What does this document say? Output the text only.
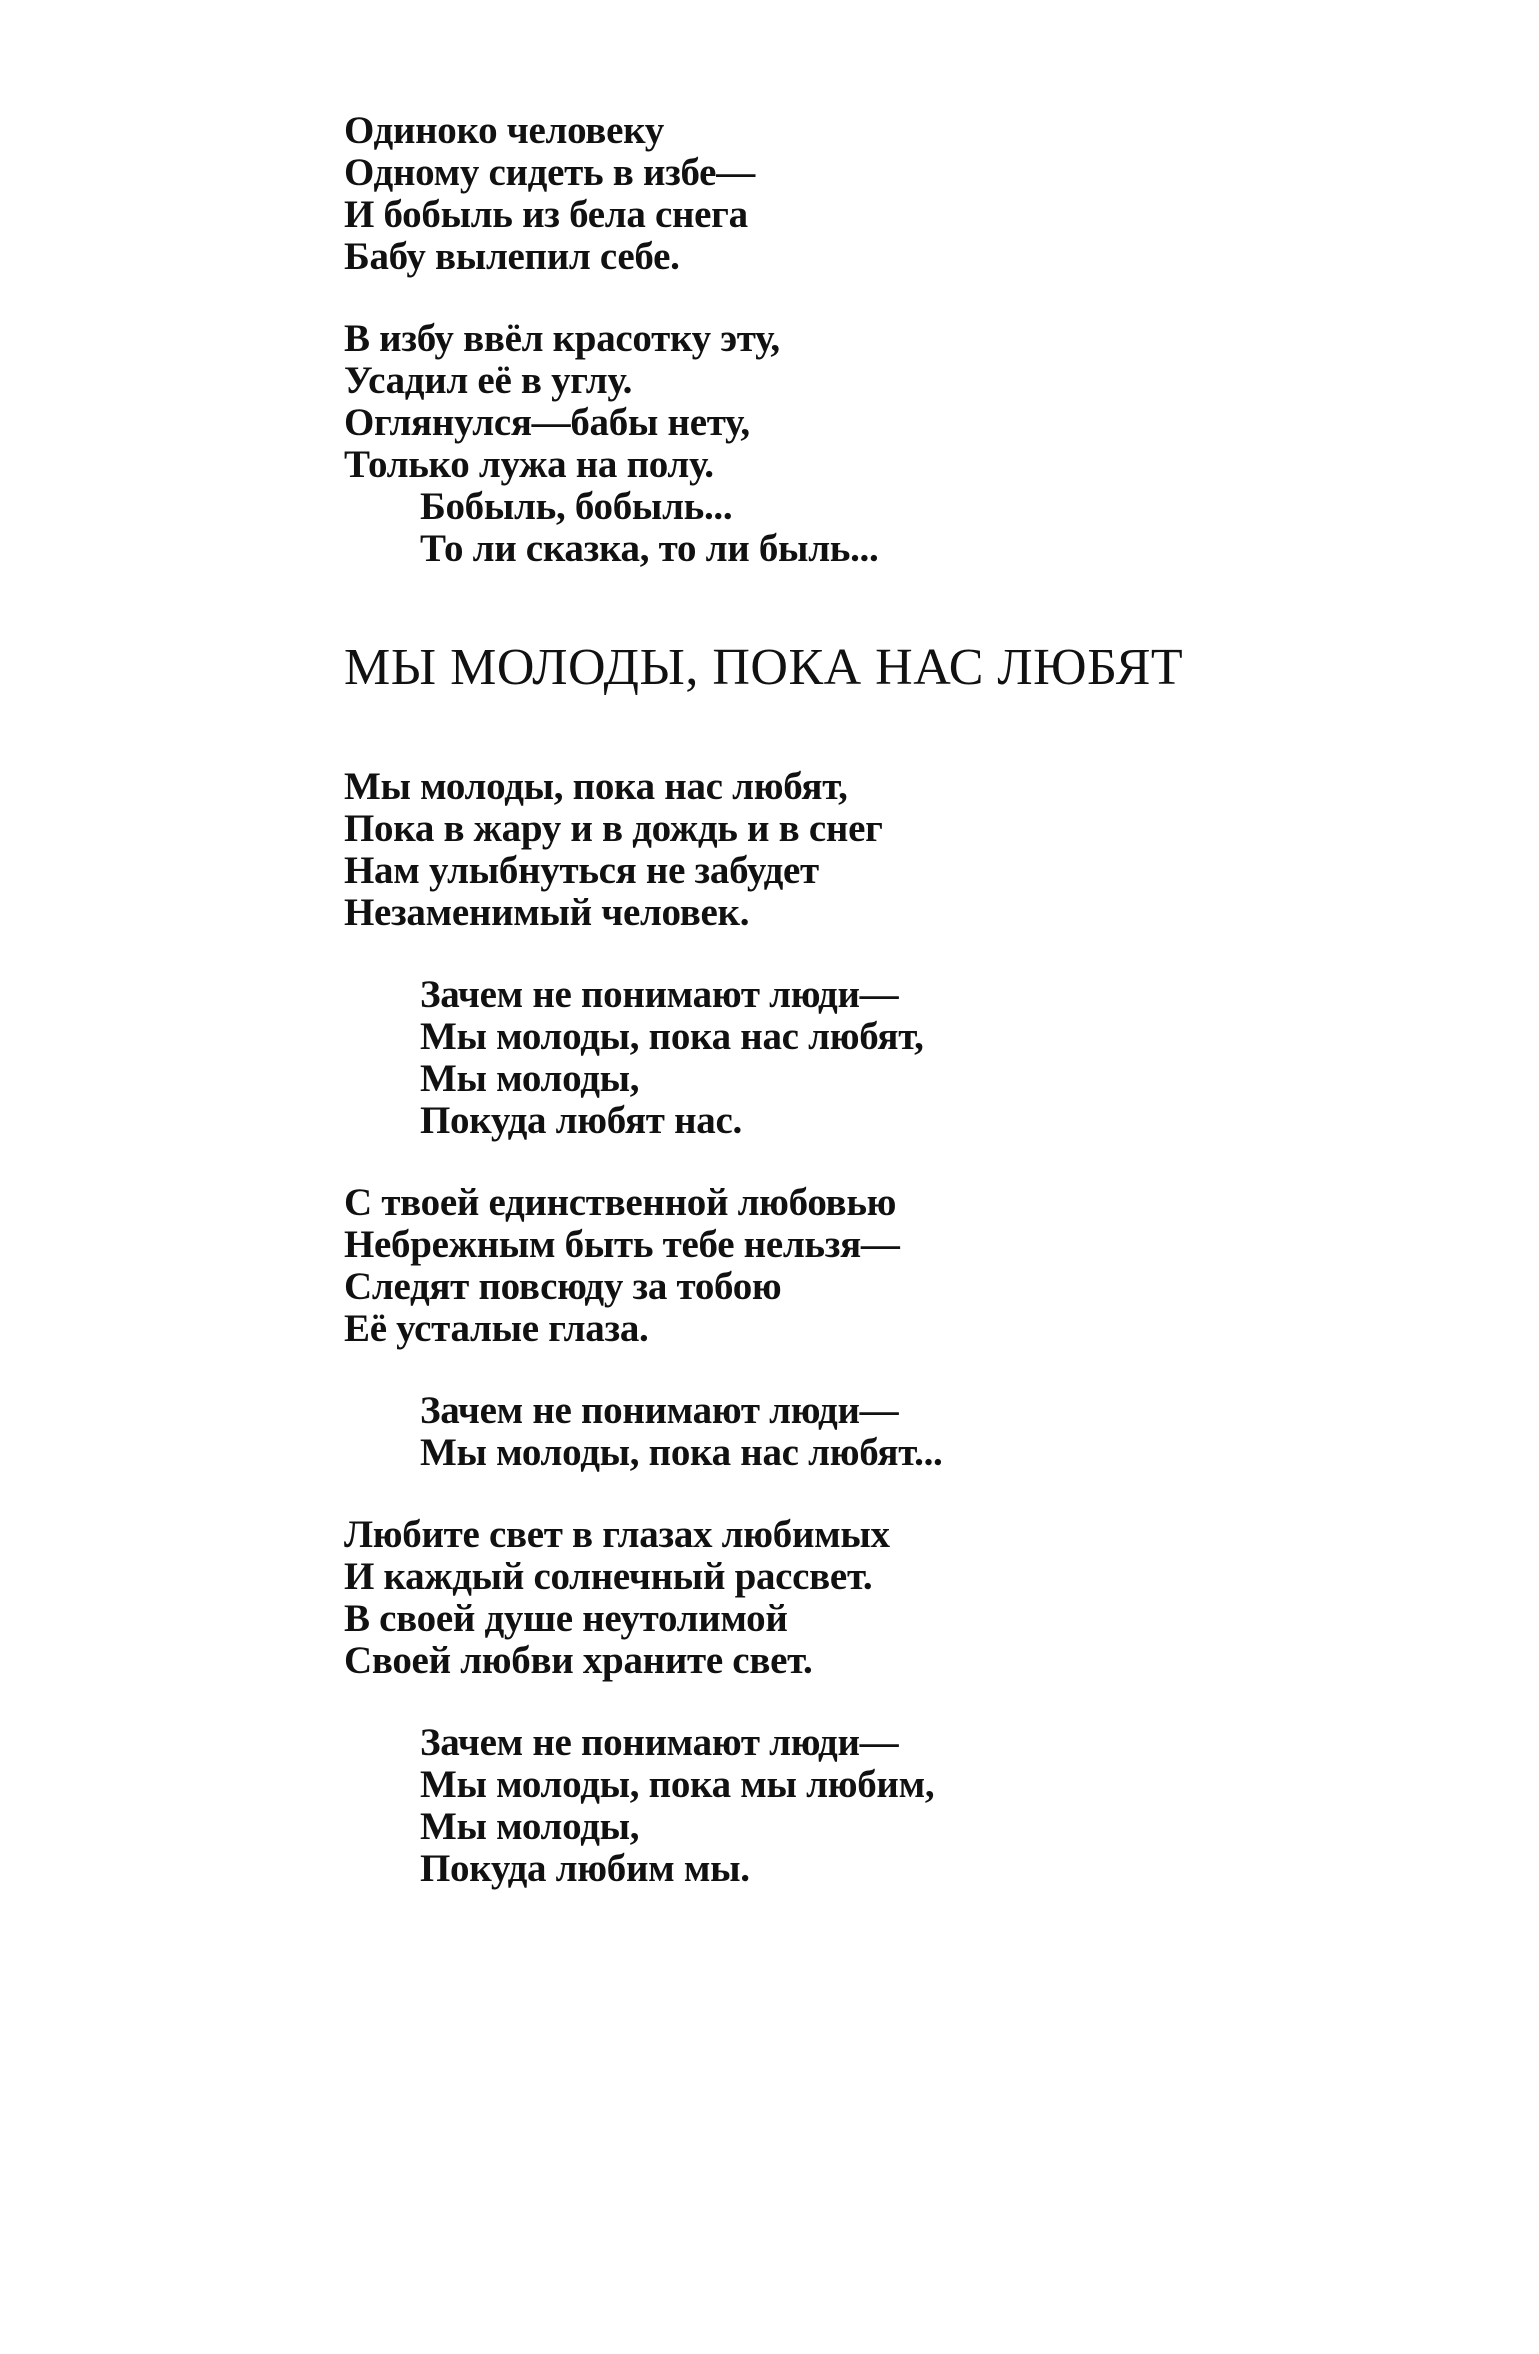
Одиноко человеку
Одному сидеть в избе—
И бобыль из бела снега
Бабу вылепил себе.
В избу ввёл красотку эту,
Усадил её в углу.
Оглянулся—бабы нету,
Только лужа на полу.
Бобыль, бобыль...
То ли сказка, то ли быль...
МЫ МОЛОДЫ, ПОКА НАС ЛЮБЯТ
Мы молоды, пока нас любят,
Пока в жару и в дождь и в снег
Нам улыбнуться не забудет
Незаменимый человек.
Зачем не понимают люди—
Мы молоды, пока нас любят,
Мы молоды,
Покуда любят нас.
С твоей единственной любовью
Небрежным быть тебе нельзя—
Следят повсюду за тобою
Её усталые глаза.
Зачем не понимают люди—
Мы молоды, пока нас любят...
Любите свет в глазах любимых
И каждый солнечный рассвет.
В своей душе неутолимой
Своей любви храните свет.
Зачем не понимают люди—
Мы молоды, пока мы любим,
Мы молоды,
Покуда любим мы.
